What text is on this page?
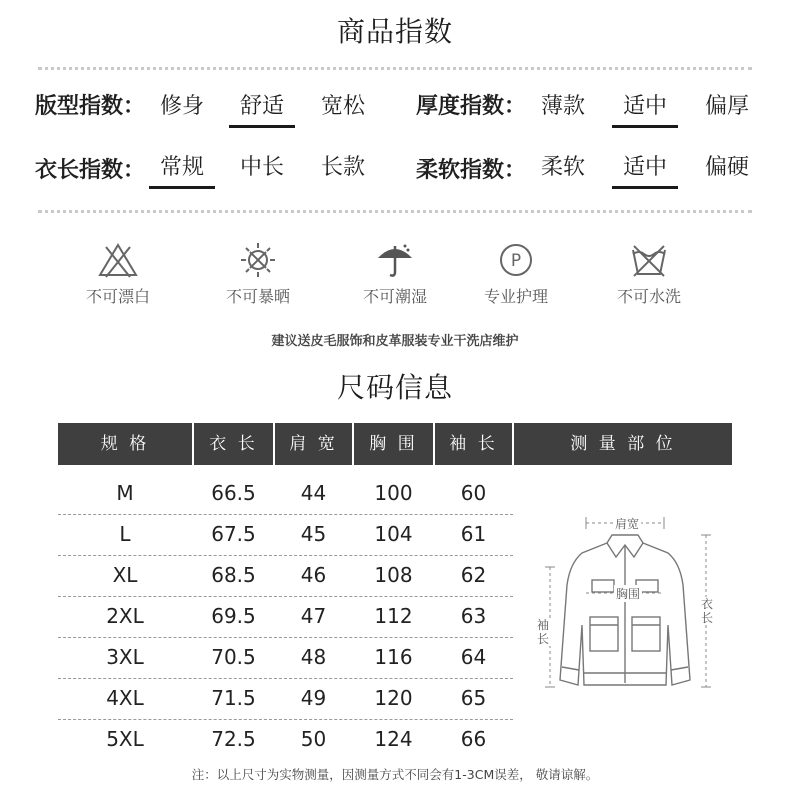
商品指数
版型指数： 修身	舒适	宽松	厚度指数： 薄款	适中	偏厚
衣长指数： 常规	中长	长款	柔软指数： 柔软	适中	偏硬
不可漂白	不可暴晒	不可潮湿
P
专业护理	不可水洗
建议送皮毛服饰和皮革服装专业干洗店维护
尺码信息
规 格	衣 长	肩 宽	胸 围	袖 长	测 量 部 位
M	66.5	44	100	60
L	67.5	45	104	61
XL	68.5	46	108	62
2XL	69.5	47	112	63
3XL	70.5	48	116	64
4XL	71.5	49	120	65
5XL	72.5	50	124	66
肩宽
胸围
袖长
衣长
注：以上尺寸为实物测量，因测量方式不同会有1-3CM误差， 敬请谅解。
